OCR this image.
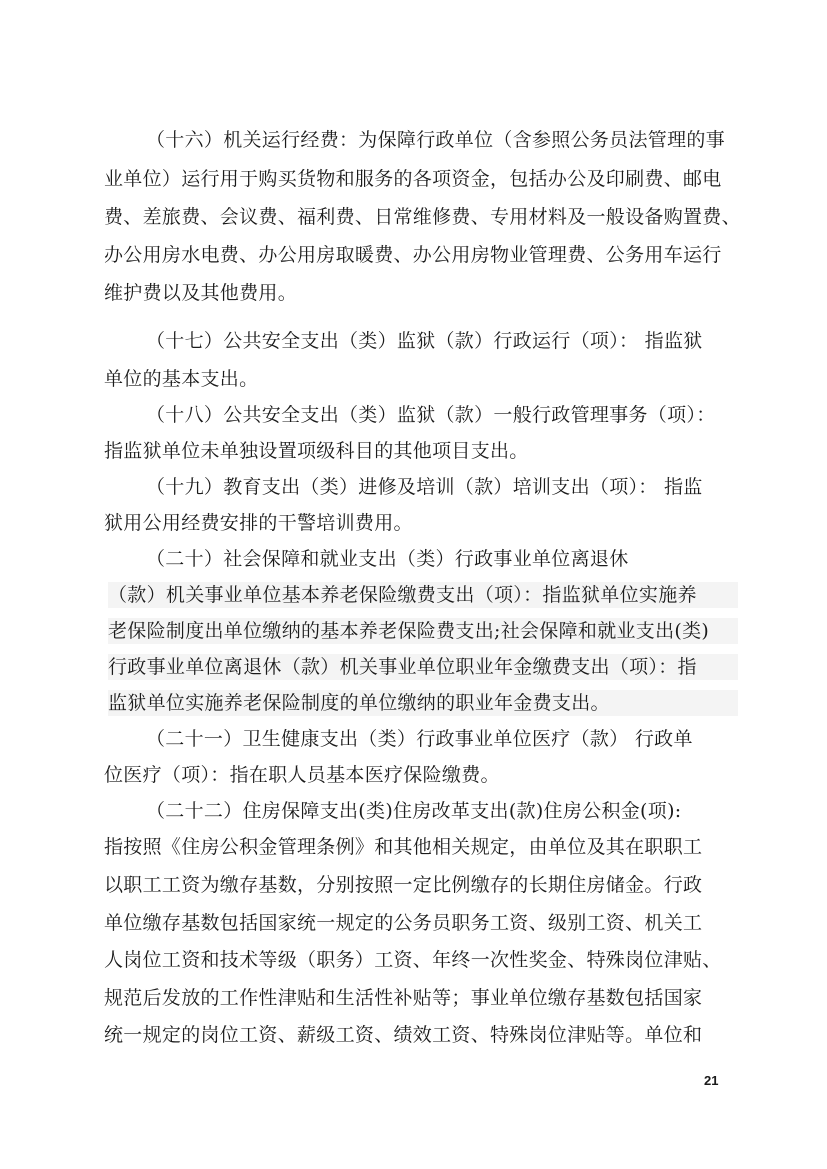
（十六）机关运行经费：为保障行政单位（含参照公务员法管理的事
业单位）运行用于购买货物和服务的各项资金，包括办公及印刷费、邮电
费、差旅费、会议费、福利费、日常维修费、专用材料及一般设备购置费、
办公用房水电费、办公用房取暖费、办公用房物业管理费、公务用车运行
维护费以及其他费用。
（十七）公共安全支出（类）监狱（款）行政运行（项）： 指监狱
单位的基本支出。
（十八）公共安全支出（类）监狱（款）一般行政管理事务（项）：
指监狱单位未单独设置项级科目的其他项目支出。
（十九）教育支出（类）进修及培训（款）培训支出（项）： 指监
狱用公用经费安排的干警培训费用。
（二十）社会保障和就业支出（类）行政事业单位离退休
（款）机关事业单位基本养老保险缴费支出（项）：指监狱单位实施养
老保险制度出单位缴纳的基本养老保险费支出;社会保障和就业支出(类)
行政事业单位离退休（款）机关事业单位职业年金缴费支出（项）：指
监狱单位实施养老保险制度的单位缴纳的职业年金费支出。
（二十一）卫生健康支出（类）行政事业单位医疗（款） 行政单
位医疗（项）：指在职人员基本医疗保险缴费。
（二十二）住房保障支出(类)住房改革支出(款)住房公积金(项):
指按照《住房公积金管理条例》和其他相关规定，由单位及其在职职工
以职工工资为缴存基数，分别按照一定比例缴存的长期住房储金。行政
单位缴存基数包括国家统一规定的公务员职务工资、级别工资、机关工
人岗位工资和技术等级（职务）工资、年终一次性奖金、特殊岗位津贴、
规范后发放的工作性津贴和生活性补贴等；事业单位缴存基数包括国家
统一规定的岗位工资、薪级工资、绩效工资、特殊岗位津贴等。单位和
21
